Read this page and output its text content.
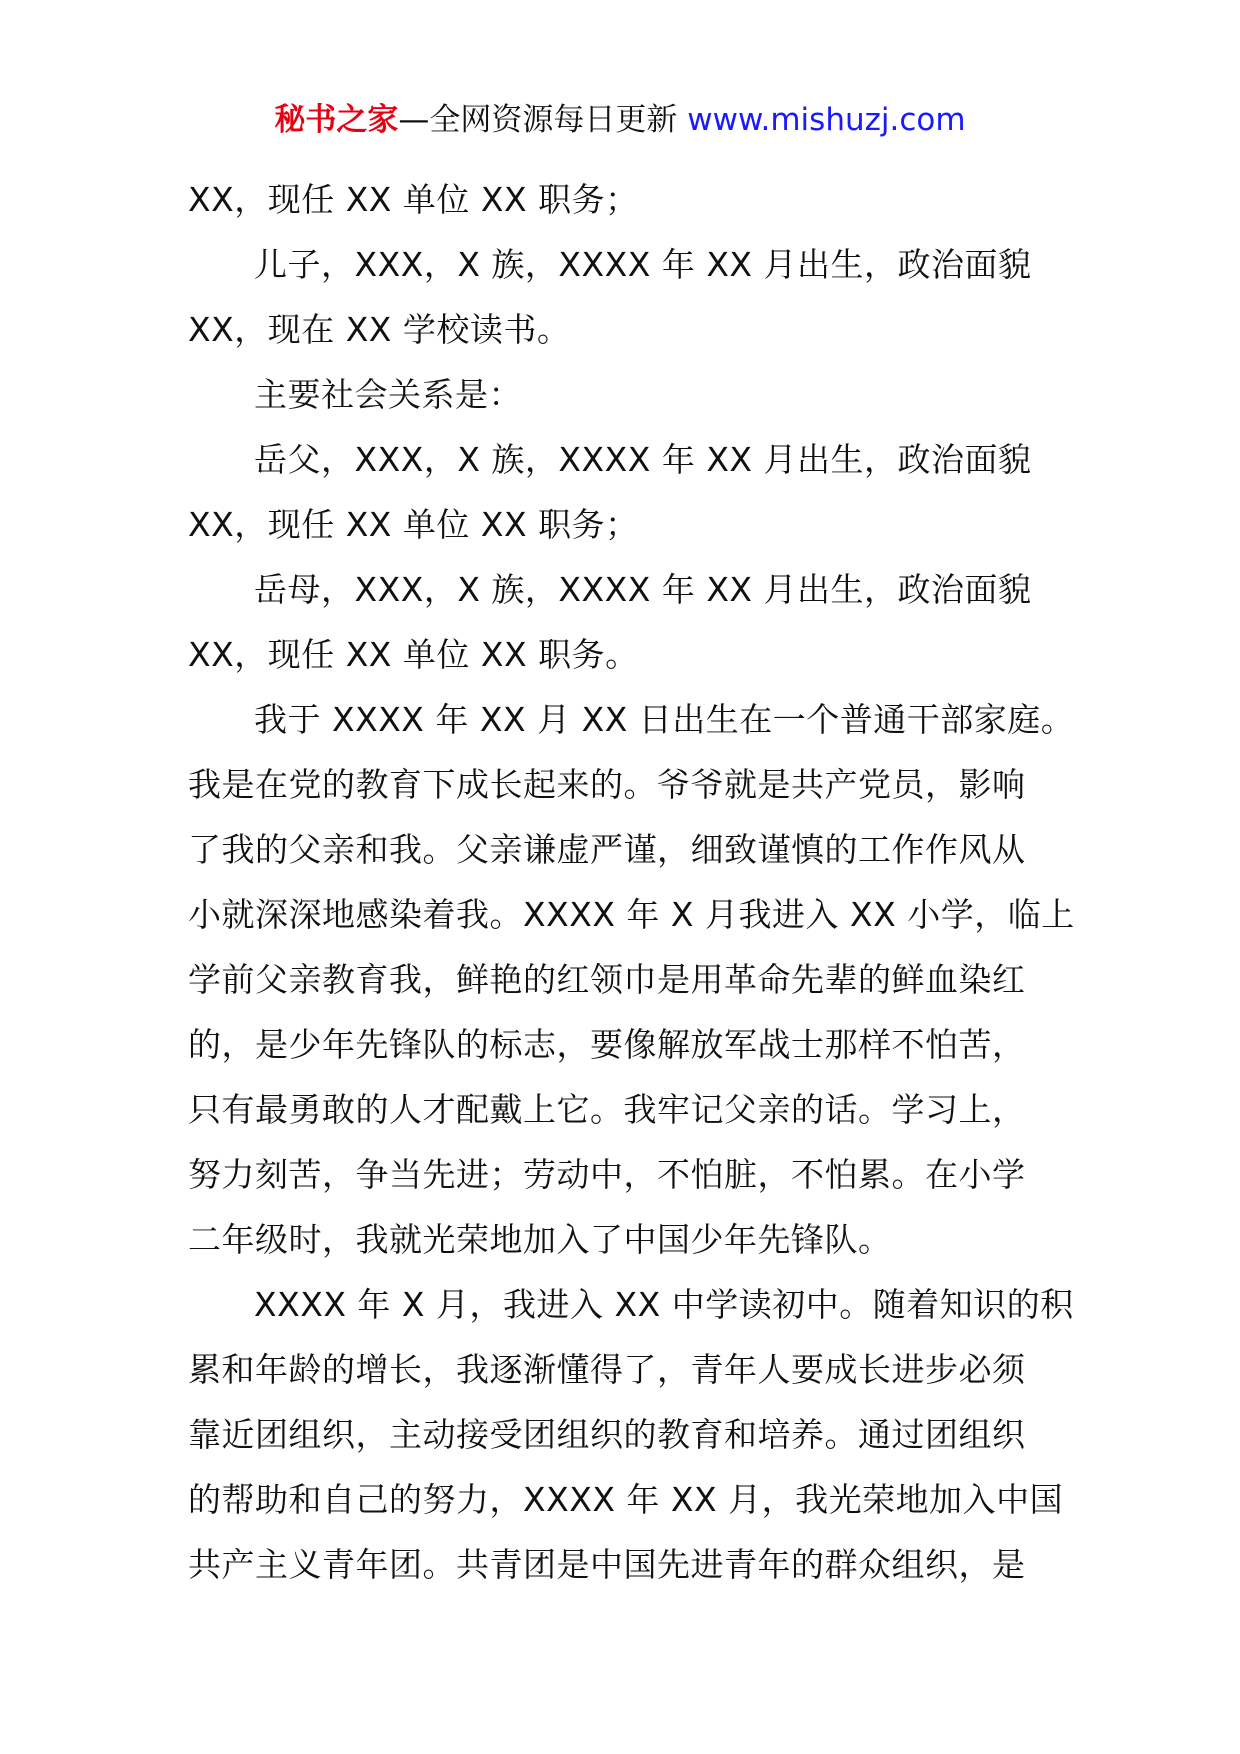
秘书之家—全网资源每日更新 www.mishuzj.com
XX，现任 XX 单位 XX 职务；
儿子，XXX，X 族，XXXX 年 XX 月出生，政治面貌
XX，现在 XX 学校读书。
主要社会关系是：
岳父，XXX，X 族，XXXX 年 XX 月出生，政治面貌
XX，现任 XX 单位 XX 职务；
岳母，XXX，X 族，XXXX 年 XX 月出生，政治面貌
XX，现任 XX 单位 XX 职务。
我于 XXXX 年 XX 月 XX 日出生在一个普通干部家庭。
我是在党的教育下成长起来的。爷爷就是共产党员，影响
了我的父亲和我。父亲谦虚严谨，细致谨慎的工作作风从
小就深深地感染着我。XXXX 年 X 月我进入 XX 小学，临上
学前父亲教育我，鲜艳的红领巾是用革命先辈的鲜血染红
的，是少年先锋队的标志，要像解放军战士那样不怕苦，
只有最勇敢的人才配戴上它。我牢记父亲的话。学习上，
努力刻苦，争当先进；劳动中，不怕脏，不怕累。在小学
二年级时，我就光荣地加入了中国少年先锋队。
XXXX 年 X 月，我进入 XX 中学读初中。随着知识的积
累和年龄的增长，我逐渐懂得了，青年人要成长进步必须
靠近团组织，主动接受团组织的教育和培养。通过团组织
的帮助和自己的努力，XXXX 年 XX 月，我光荣地加入中国
共产主义青年团。共青团是中国先进青年的群众组织，是
